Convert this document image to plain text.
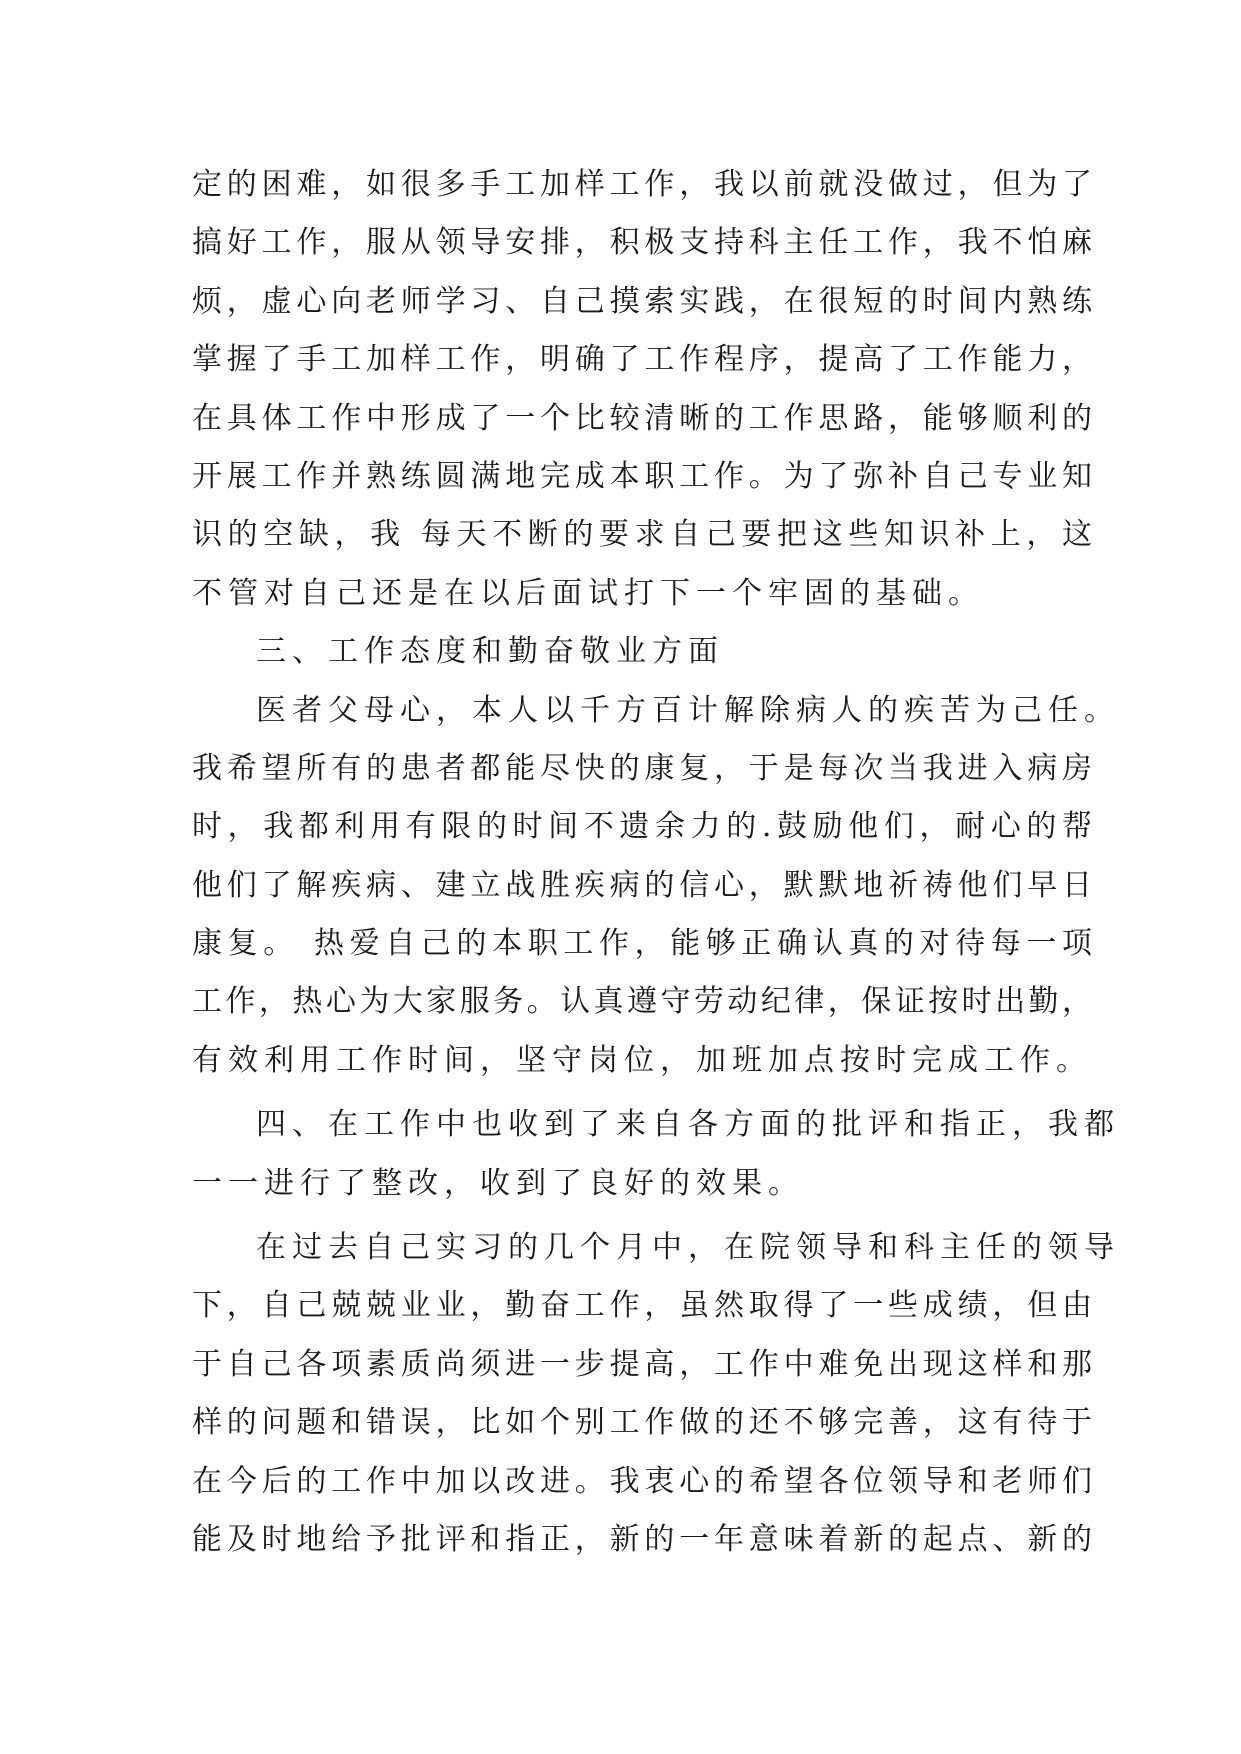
定的困难，如很多手工加样工作，我以前就没做过，但为了
搞好工作，服从领导安排，积极支持科主任工作，我不怕麻
烦，虚心向老师学习、自己摸索实践，在很短的时间内熟练
掌握了手工加样工作，明确了工作程序，提高了工作能力，
在具体工作中形成了一个比较清晰的工作思路，能够顺利的
开展工作并熟练圆满地完成本职工作。为了弥补自己专业知
识的空缺，我 每天不断的要求自己要把这些知识补上，这
不管对自己还是在以后面试打下一个牢固的基础。
三、工作态度和勤奋敬业方面
医者父母心，本人以千方百计解除病人的疾苦为己任。
我希望所有的患者都能尽快的康复，于是每次当我进入病房
时，我都利用有限的时间不遗余力的.鼓励他们，耐心的帮
他们了解疾病、建立战胜疾病的信心，默默地祈祷他们早日
康复。 热爱自己的本职工作，能够正确认真的对待每一项
工作，热心为大家服务。认真遵守劳动纪律，保证按时出勤，
有效利用工作时间，坚守岗位，加班加点按时完成工作。
四、在工作中也收到了来自各方面的批评和指正，我都
一一进行了整改，收到了良好的效果。
在过去自己实习的几个月中，在院领导和科主任的领导
下，自己兢兢业业，勤奋工作，虽然取得了一些成绩，但由
于自己各项素质尚须进一步提高，工作中难免出现这样和那
样的问题和错误，比如个别工作做的还不够完善，这有待于
在今后的工作中加以改进。我衷心的希望各位领导和老师们
能及时地给予批评和指正，新的一年意味着新的起点、新的
